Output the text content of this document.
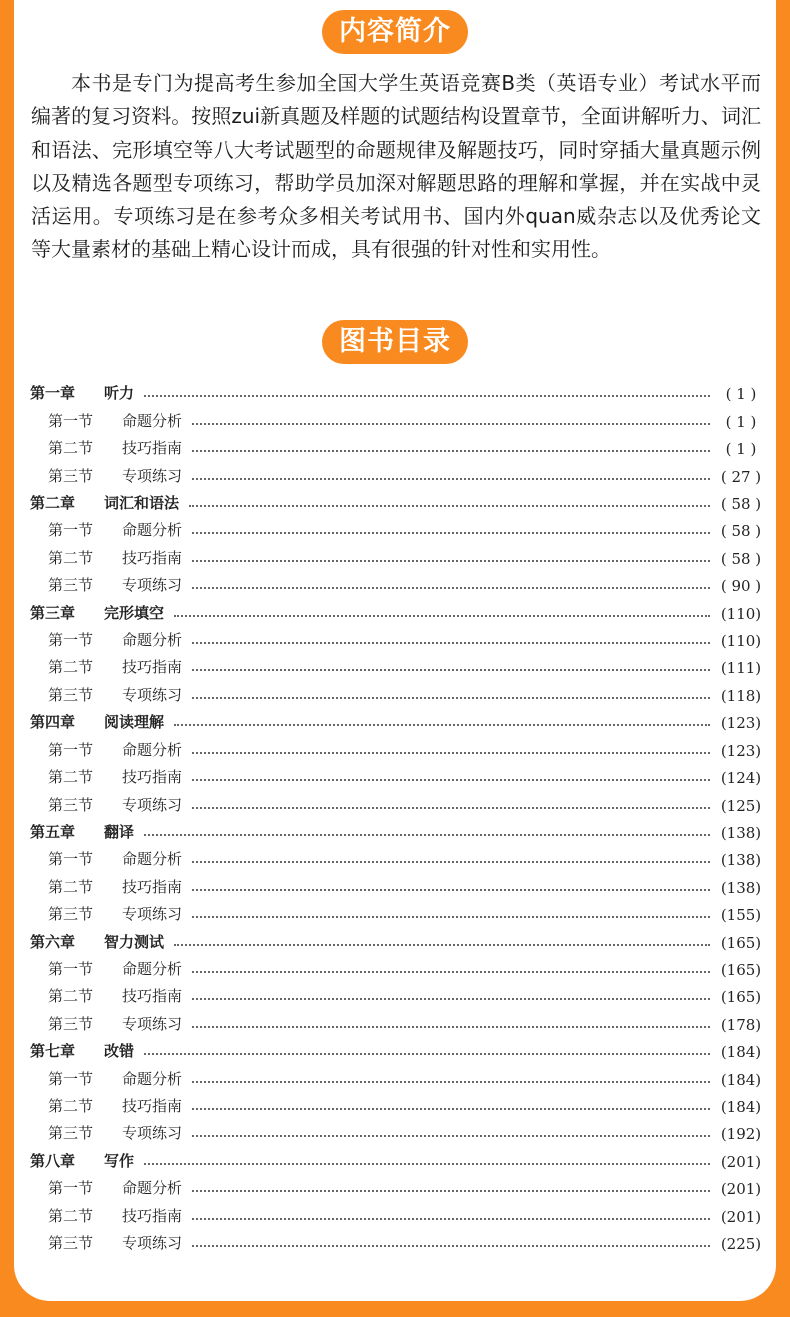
内容简介

本书是专门为提高考生参加全国大学生英语竞赛B类（英语专业）考试水平而编著的复习资料。按照zui新真题及样题的试题结构设置章节，全面讲解听力、词汇和语法、完形填空等八大考试题型的命题规律及解题技巧，同时穿插大量真题示例以及精选各题型专项练习，帮助学员加深对解题思路的理解和掌握，并在实战中灵活运用。专项练习是在参考众多相关考试用书、国内外quan威杂志以及优秀论文等大量素材的基础上精心设计而成，具有很强的针对性和实用性。

图书目录
第一章	听力	( 1 )
第一节	命题分析	( 1 )
第二节	技巧指南	( 1 )
第三节	专项练习	( 27 )
第二章	词汇和语法	( 58 )
第一节	命题分析	( 58 )
第二节	技巧指南	( 58 )
第三节	专项练习	( 90 )
第三章	完形填空	(110)
第一节	命题分析	(110)
第二节	技巧指南	(111)
第三节	专项练习	(118)
第四章	阅读理解	(123)
第一节	命题分析	(123)
第二节	技巧指南	(124)
第三节	专项练习	(125)
第五章	翻译	(138)
第一节	命题分析	(138)
第二节	技巧指南	(138)
第三节	专项练习	(155)
第六章	智力测试	(165)
第一节	命题分析	(165)
第二节	技巧指南	(165)
第三节	专项练习	(178)
第七章	改错	(184)
第一节	命题分析	(184)
第二节	技巧指南	(184)
第三节	专项练习	(192)
第八章	写作	(201)
第一节	命题分析	(201)
第二节	技巧指南	(201)
第三节	专项练习	(225)
